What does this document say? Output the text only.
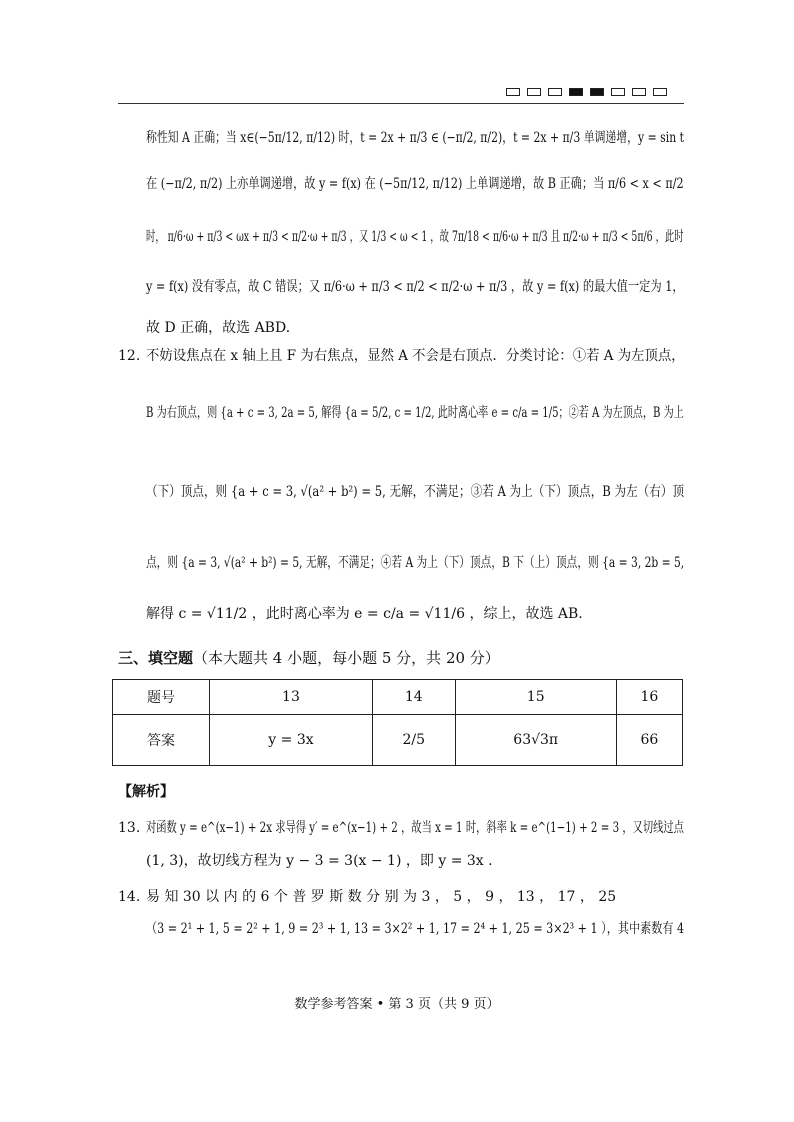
称性知 A 正确；当 x∈(−5π/12, π/12) 时，t = 2x + π/3 ∈ (−π/2, π/2)，t = 2x + π/3 单调递增，y = sin t
在 (−π/2, π/2) 上亦单调递增，故 y = f(x) 在 (−5π/12, π/12) 上单调递增，故 B 正确；当 π/6 < x < π/2
时， π/6·ω + π/3 < ωx + π/3 < π/2·ω + π/3 ，又 1/3 < ω < 1 ，故 7π/18 < π/6·ω + π/3 且 π/2·ω + π/3 < 5π/6 ，此时
y = f(x) 没有零点，故 C 错误；又 π/6·ω + π/3 < π/2 < π/2·ω + π/3 ，故 y = f(x) 的最大值一定为 1，
故 D 正确，故选 ABD.
12. 不妨设焦点在 x 轴上且 F 为右焦点，显然 A 不会是右顶点．分类讨论：①若 A 为左顶点，
B 为右顶点，则 {a + c = 3, 2a = 5, 解得 {a = 5/2, c = 1/2, 此时离心率 e = c/a = 1/5；②若 A 为左顶点，B 为上
（下）顶点，则 {a + c = 3, √(a² + b²) = 5, 无解，不满足；③若 A 为上（下）顶点，B 为左（右）顶
点，则 {a = 3, √(a² + b²) = 5, 无解，不满足；④若 A 为上（下）顶点，B 下（上）顶点，则 {a = 3, 2b = 5,
解得 c = √11/2 ，此时离心率为 e = c/a = √11/6 ，综上，故选 AB.
三、填空题（本大题共 4 小题，每小题 5 分，共 20 分）
题号	13	14	15	16
答案	y = 3x	2/5	63√3π	66
【解析】
13. 对函数 y = e^(x−1) + 2x 求导得 y′ = e^(x−1) + 2 ，故当 x = 1 时，斜率 k = e^(1−1) + 2 = 3 ，又切线过点
(1, 3)，故切线方程为 y − 3 = 3(x − 1) ，即 y = 3x .
14. 易 知 30 以 内 的 6 个 普 罗 斯 数 分 别 为 3 ， 5 ， 9 ， 13 ， 17 ， 25
（3 = 2¹ + 1, 5 = 2² + 1, 9 = 2³ + 1, 13 = 3×2² + 1, 17 = 2⁴ + 1, 25 = 3×2³ + 1 ），其中素数有 4
数学参考答案 • 第 3 页（共 9 页）
